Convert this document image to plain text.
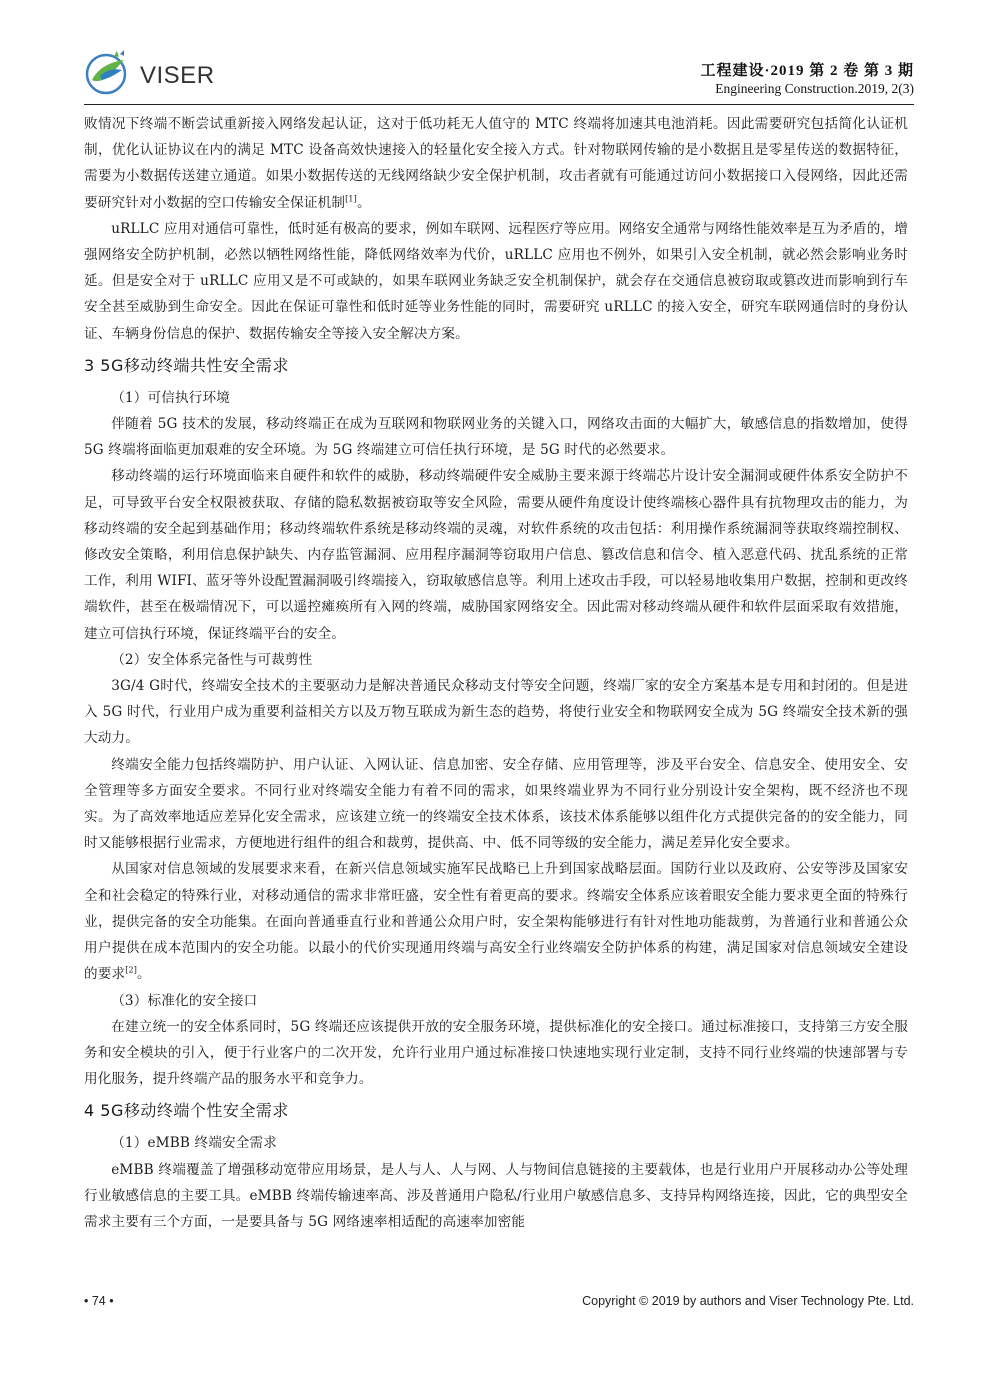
VISER	工程建设·2019 第 2 卷 第 3 期
Engineering Construction.2019, 2(3)

败情况下终端不断尝试重新接入网络发起认证，这对于低功耗无人值守的 MTC 终端将加速其电池消耗。因此需要研究包括简化认证机制，优化认证协议在内的满足 MTC 设备高效快速接入的轻量化安全接入方式。针对物联网传输的是小数据且是零星传送的数据特征，需要为小数据传送建立通道。如果小数据传送的无线网络缺少安全保护机制，攻击者就有可能通过访问小数据接口入侵网络，因此还需要研究针对小数据的空口传输安全保证机制[1]。

uRLLC 应用对通信可靠性，低时延有极高的要求，例如车联网、远程医疗等应用。网络安全通常与网络性能效率是互为矛盾的，增强网络安全防护机制，必然以牺牲网络性能，降低网络效率为代价，uRLLC 应用也不例外，如果引入安全机制，就必然会影响业务时延。但是安全对于 uRLLC 应用又是不可或缺的，如果车联网业务缺乏安全机制保护，就会存在交通信息被窃取或篡改进而影响到行车安全甚至威胁到生命安全。因此在保证可靠性和低时延等业务性能的同时，需要研究 uRLLC 的接入安全，研究车联网通信时的身份认证、车辆身份信息的保护、数据传输安全等接入安全解决方案。

3 5G移动终端共性安全需求

（1）可信执行环境

伴随着 5G 技术的发展，移动终端正在成为互联网和物联网业务的关键入口，网络攻击面的大幅扩大，敏感信息的指数增加，使得 5G 终端将面临更加艰难的安全环境。为 5G 终端建立可信任执行环境，是 5G 时代的必然要求。

移动终端的运行环境面临来自硬件和软件的威胁，移动终端硬件安全威胁主要来源于终端芯片设计安全漏洞或硬件体系安全防护不足，可导致平台安全权限被获取、存储的隐私数据被窃取等安全风险，需要从硬件角度设计使终端核心器件具有抗物理攻击的能力，为移动终端的安全起到基础作用；移动终端软件系统是移动终端的灵魂，对软件系统的攻击包括：利用操作系统漏洞等获取终端控制权、修改安全策略，利用信息保护缺失、内存监管漏洞、应用程序漏洞等窃取用户信息、篡改信息和信令、植入恶意代码、扰乱系统的正常工作，利用 WIFI、蓝牙等外设配置漏洞吸引终端接入，窃取敏感信息等。利用上述攻击手段，可以轻易地收集用户数据，控制和更改终端软件，甚至在极端情况下，可以遥控瘫痪所有入网的终端，威胁国家网络安全。因此需对移动终端从硬件和软件层面采取有效措施，建立可信执行环境，保证终端平台的安全。

（2）安全体系完备性与可裁剪性

3G/4 G时代，终端安全技术的主要驱动力是解决普通民众移动支付等安全问题，终端厂家的安全方案基本是专用和封闭的。但是进入 5G 时代，行业用户成为重要利益相关方以及万物互联成为新生态的趋势，将使行业安全和物联网安全成为 5G 终端安全技术新的强大动力。

终端安全能力包括终端防护、用户认证、入网认证、信息加密、安全存储、应用管理等，涉及平台安全、信息安全、使用安全、安全管理等多方面安全要求。不同行业对终端安全能力有着不同的需求，如果终端业界为不同行业分别设计安全架构，既不经济也不现实。为了高效率地适应差异化安全需求，应该建立统一的终端安全技术体系，该技术体系能够以组件化方式提供完备的的安全能力，同时又能够根据行业需求，方便地进行组件的组合和裁剪，提供高、中、低不同等级的安全能力，满足差异化安全要求。

从国家对信息领域的发展要求来看，在新兴信息领域实施军民战略已上升到国家战略层面。国防行业以及政府、公安等涉及国家安全和社会稳定的特殊行业，对移动通信的需求非常旺盛，安全性有着更高的要求。终端安全体系应该着眼安全能力要求更全面的特殊行业，提供完备的安全功能集。在面向普通垂直行业和普通公众用户时，安全架构能够进行有针对性地功能裁剪，为普通行业和普通公众用户提供在成本范围内的安全功能。以最小的代价实现通用终端与高安全行业终端安全防护体系的构建，满足国家对信息领域安全建设的要求[2]。

（3）标准化的安全接口

在建立统一的安全体系同时，5G 终端还应该提供开放的安全服务环境，提供标准化的安全接口。通过标准接口，支持第三方安全服务和安全模块的引入，便于行业客户的二次开发，允许行业用户通过标准接口快速地实现行业定制，支持不同行业终端的快速部署与专用化服务，提升终端产品的服务水平和竞争力。

4 5G移动终端个性安全需求

（1）eMBB 终端安全需求

eMBB 终端覆盖了增强移动宽带应用场景，是人与人、人与网、人与物间信息链接的主要载体，也是行业用户开展移动办公等处理行业敏感信息的主要工具。eMBB 终端传输速率高、涉及普通用户隐私/行业用户敏感信息多、支持异构网络连接，因此，它的典型安全需求主要有三个方面，一是要具备与 5G 网络速率相适配的高速率加密能

• 74 •	Copyright © 2019 by authors and Viser Technology Pte. Ltd.
